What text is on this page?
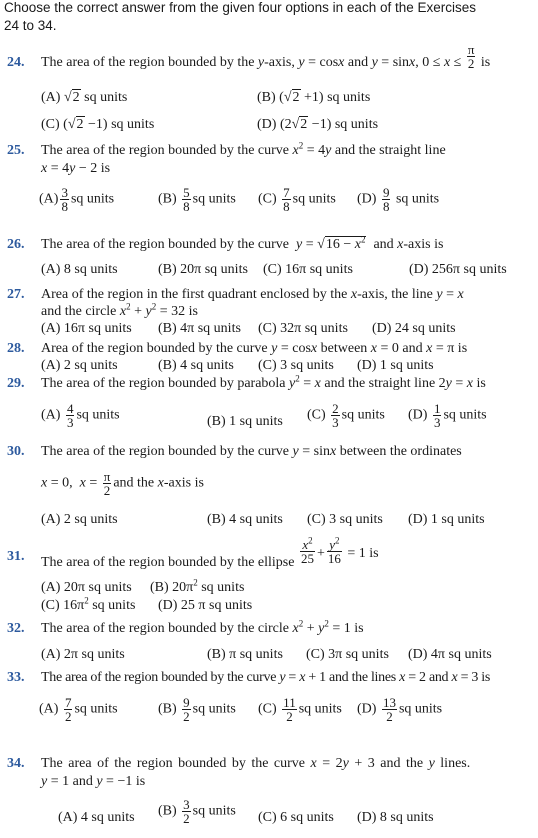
Choose the correct answer from the given four options in each of the Exercises
24 to 34.
24. The area of the region bounded by the y-axis, y = cosx and y = sinx, $0 \le x \le \frac{\pi}{2}$ is
(A) √2 sq units	(B) (√2 +1) sq units
(C) (√2 −1) sq units	(D) (2√2 −1) sq units
25. The area of the region bounded by the curve $x^2 = 4y$ and the straight line
x = 4y − 2 is
$(A) \frac{3}{8}$ sq units	$(B) \frac{5}{8}$ sq units $(C) \frac{7}{8}$ sq units $(D) \frac{9}{8}$ sq units
26. The area of the region bounded by the curve  $y = √16 - x^2$  and x-axis is
(A) 8 sq units	(B) 20π sq units (C) 16π sq units	(D) 256π sq units
27. Area of the region in the first quadrant enclosed by the x-axis, the line y = x
and the circle $x^2 + y^2 = 32$ is
(A) 16π sq units (B) 4π sq units (C) 32π sq units (D) 24 sq units
28. Area of the region bounded by the curve y = cosx between x = 0 and x = π is
(A) 2 sq units	(B) 4 sq units (C) 3 sq units (D) 1 sq units
29. The area of the region bounded by parabola $y^2 = x$ and the straight line 2y = x is
$(A) \frac{4}{3}$ sq units	(B) 1 sq units $(C) \frac{2}{3}$ sq units $(D) \frac{1}{3}$ sq units
30. The area of the region bounded by the curve y = sinx between the ordinates
x = 0,  $x = \frac{\pi}{2}$ and the x-axis is
(A) 2 sq units	(B) 4 sq units (C) 3 sq units (D) 1 sq units
31. The area of the region bounded by the ellipse $\frac{x^2}{25} + \frac{y^2}{16} = 1$ is
(A) 20π sq units (B) $20\pi^2$ sq units
(C) $16\pi^2$ sq units (D) 25 π sq units
32. The area of the region bounded by the circle $x^2 + y^2 = 1$ is
(A) 2π sq units	(B) π sq units (C) 3π sq units (D) 4π sq units
33. The area of the region bounded by the curve y = x + 1 and the lines x = 2 and x = 3 is
$(A) \frac{7}{2}$ sq units	$(B) \frac{9}{2}$ sq units $(C) \frac{11}{2}$ sq units $(D) \frac{13}{2}$ sq units
34. The area of the region bounded by the curve x = 2y + 3 and the y lines.
y = 1 and y = −1 is
(A) 4 sq units $(B) \frac{3}{2}$ sq units (C) 6 sq units (D) 8 sq units
